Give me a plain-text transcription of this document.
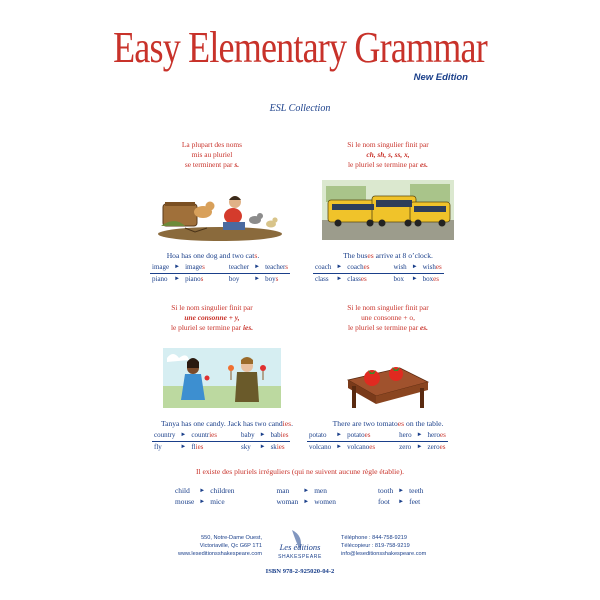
Easy Elementary Grammar
New Edition
ESL Collection
La plupart des noms
mis au pluriel
se terminent par s.
Hoa has one dog and two cats.
image	►	images		teacher	►	teachers
piano	►	pianos		boy	►	boys
Si le nom singulier finit par
ch, sh, s, ss, x,
le pluriel se termine par es.
The buses arrive at 8 o’clock.
coach	►	coaches		wish	►	wishes
class	►	classes		box	►	boxes
Si le nom singulier finit par
une consonne + y,
le pluriel se termine par ies.
Tanya has one candy. Jack has two candies.
country	►	countries		baby	►	babies
fly	►	flies		sky	►	skies
Si le nom singulier finit par
une consonne + o,
le pluriel se termine par es.
There are two tomatoes on the table.
potato	►	potatoes		hero	►	heroes
volcano	►	volcanoes		zero	►	zeroes
Il existe des pluriels irréguliers (qui ne suivent aucune règle établie).
child	►	children		man	►	men		tooth	►	teeth
mouse	►	mice		woman	►	women		foot	►	feet
550, Notre-Dame Ouest,
Victoriaville, Qc G6P 1T1
www.leseditionsshakespeare.com
Les éditions
SHAKESPEARE
Téléphone : 844-758-9219
Télécopieur : 819-758-9219
info@leseditionsshakespeare.com
ISBN 978-2-925020-04-2
